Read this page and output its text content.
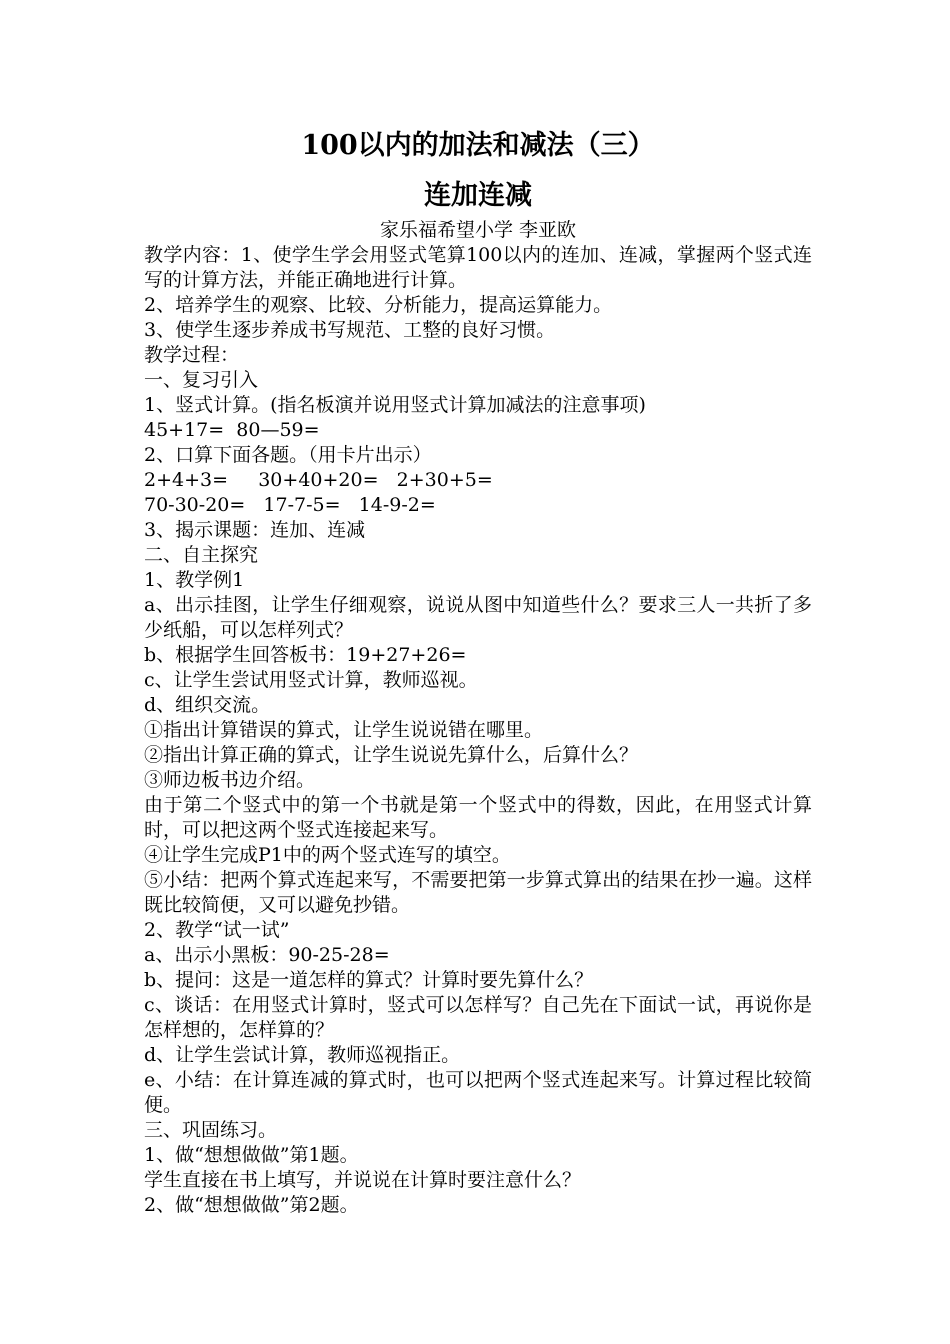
100以内的加法和减法（三）
连加连减

家乐福希望小学 李亚欧

教学内容：1、使学生学会用竖式笔算100以内的连加、连减，掌握两个竖式连写的计算方法，并能正确地进行计算。

2、培养学生的观察、比较、分析能力，提高运算能力。

3、使学生逐步养成书写规范、工整的良好习惯。

教学过程：

一、复习引入

1、竖式计算。(指名板演并说用竖式计算加减法的注意事项)

45+17=  80—59=

2、口算下面各题。（用卡片出示）

2+4+3=     30+40+20=   2+30+5=

70-30-20=   17-7-5=   14-9-2=

3、揭示课题：连加、连减

二、自主探究

1、教学例1

a、出示挂图，让学生仔细观察，说说从图中知道些什么？要求三人一共折了多少纸船，可以怎样列式？

b、根据学生回答板书：19+27+26=

c、让学生尝试用竖式计算，教师巡视。

d、组织交流。

①指出计算错误的算式，让学生说说错在哪里。

②指出计算正确的算式，让学生说说先算什么，后算什么？

③师边板书边介绍。

由于第二个竖式中的第一个书就是第一个竖式中的得数，因此，在用竖式计算时，可以把这两个竖式连接起来写。

④让学生完成P1中的两个竖式连写的填空。

⑤小结：把两个算式连起来写，不需要把第一步算式算出的结果在抄一遍。这样既比较简便，又可以避免抄错。

2、教学“试一试”

a、出示小黑板：90-25-28=

b、提问：这是一道怎样的算式？计算时要先算什么？

c、谈话：在用竖式计算时，竖式可以怎样写？自己先在下面试一试，再说你是怎样想的，怎样算的？

d、让学生尝试计算，教师巡视指正。

e、小结：在计算连减的算式时，也可以把两个竖式连起来写。计算过程比较简便。

三、巩固练习。

1、做“想想做做”第1题。

学生直接在书上填写，并说说在计算时要注意什么？

2、做“想想做做”第2题。
